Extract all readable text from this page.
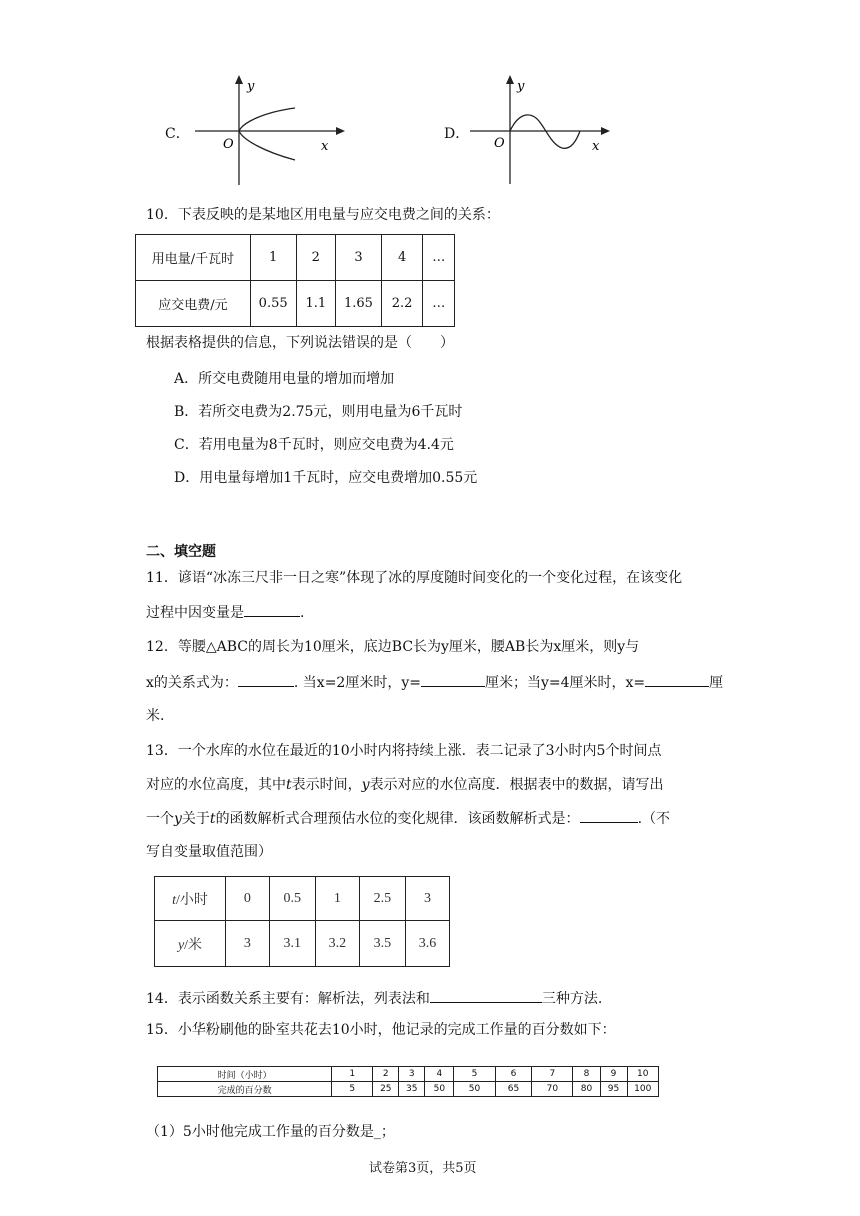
C．
y
O	x
D．
y
O	x
10．下表反映的是某地区用电量与应交电费之间的关系：
用电量/千瓦时	1	2	3	4	…
应交电费/元	0.55	1.1	1.65	2.2	…
根据表格提供的信息，下列说法错误的是（　　）
A．所交电费随用电量的增加而增加
B．若所交电费为2.75元，则用电量为6千瓦时
C．若用电量为8千瓦时，则应交电费为4.4元
D．用电量每增加1千瓦时，应交电费增加0.55元
二、填空题
11．谚语“冰冻三尺非一日之寒”体现了冰的厚度随时间变化的一个变化过程，在该变化
过程中因变量是	.
12．等腰△ABC的周长为10厘米，底边BC长为y厘米，腰AB长为x厘米，则y与
x的关系式为：	. 当x=2厘米时，y=	厘米；当y=4厘米时，x=	厘
米.
13．一个水库的水位在最近的10小时内将持续上涨．表二记录了3小时内5个时间点
对应的水位高度，其中t表示时间，y表示对应的水位高度．根据表中的数据，请写出
一个y关于t的函数解析式合理预估水位的变化规律．该函数解析式是：	.（不
写自变量取值范围）
t/小时	0	0.5	1	2.5	3
y/米	3	3.1	3.2	3.5	3.6
14．表示函数关系主要有：解析法，列表法和	三种方法.
15．小华粉刷他的卧室共花去10小时，他记录的完成工作量的百分数如下：
时间（小时）	1	2	3	4	5	6	7	8	9	10
完成的百分数	5	25	35	50	50	65	70	80	95	100
（1）5小时他完成工作量的百分数是_；
试卷第3页，共5页
